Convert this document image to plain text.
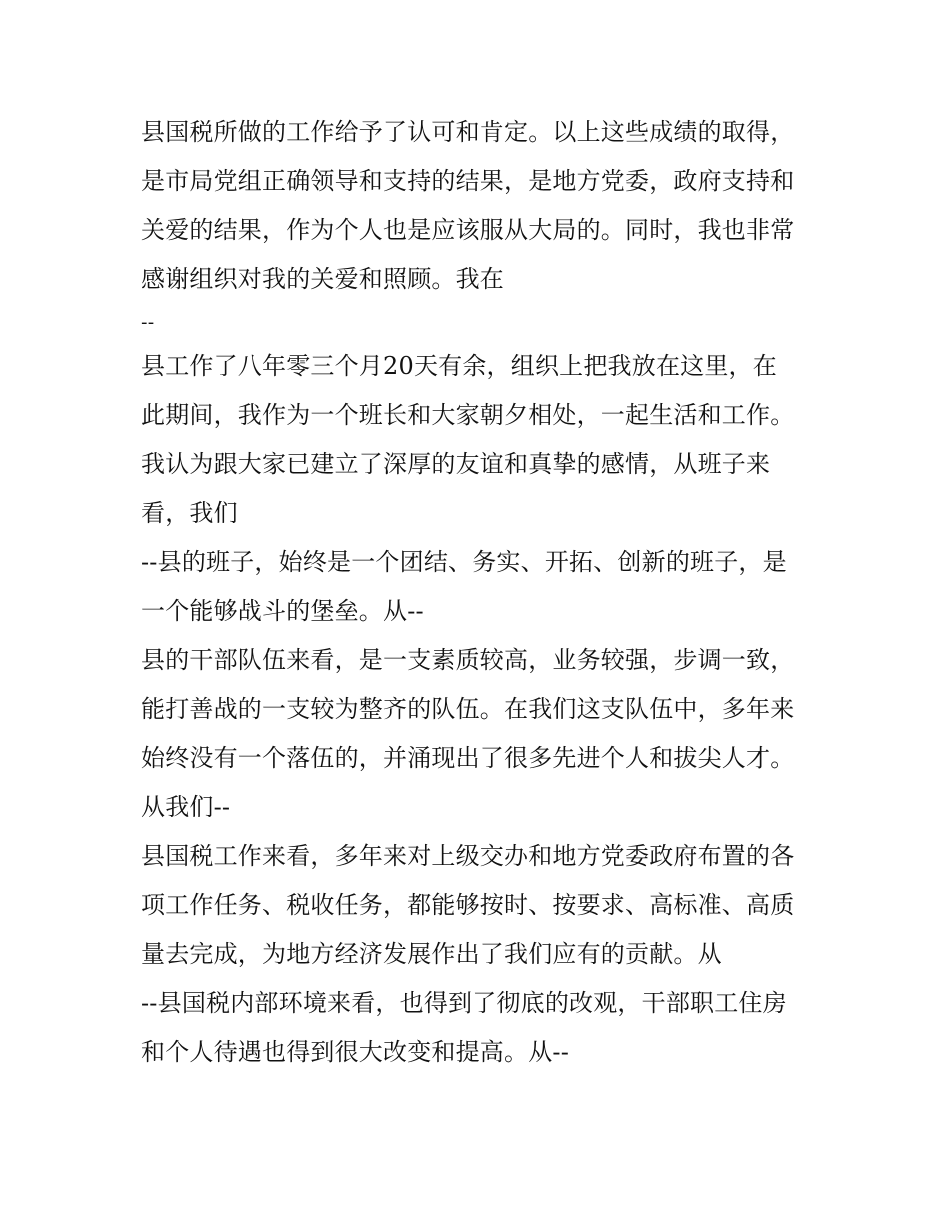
县国税所做的工作给予了认可和肯定。以上这些成绩的取得，
是市局党组正确领导和支持的结果，是地方党委，政府支持和
关爱的结果，作为个人也是应该服从大局的。同时，我也非常
感谢组织对我的关爱和照顾。我在
--
县工作了八年零三个月20天有余，组织上把我放在这里，在
此期间，我作为一个班长和大家朝夕相处，一起生活和工作。
我认为跟大家已建立了深厚的友谊和真挚的感情，从班子来
看，我们
--县的班子，始终是一个团结、务实、开拓、创新的班子，是
一个能够战斗的堡垒。从--
县的干部队伍来看，是一支素质较高，业务较强，步调一致，
能打善战的一支较为整齐的队伍。在我们这支队伍中，多年来
始终没有一个落伍的，并涌现出了很多先进个人和拔尖人才。
从我们--
县国税工作来看，多年来对上级交办和地方党委政府布置的各
项工作任务、税收任务，都能够按时、按要求、高标准、高质
量去完成，为地方经济发展作出了我们应有的贡献。从
--县国税内部环境来看，也得到了彻底的改观，干部职工住房
和个人待遇也得到很大改变和提高。从--
